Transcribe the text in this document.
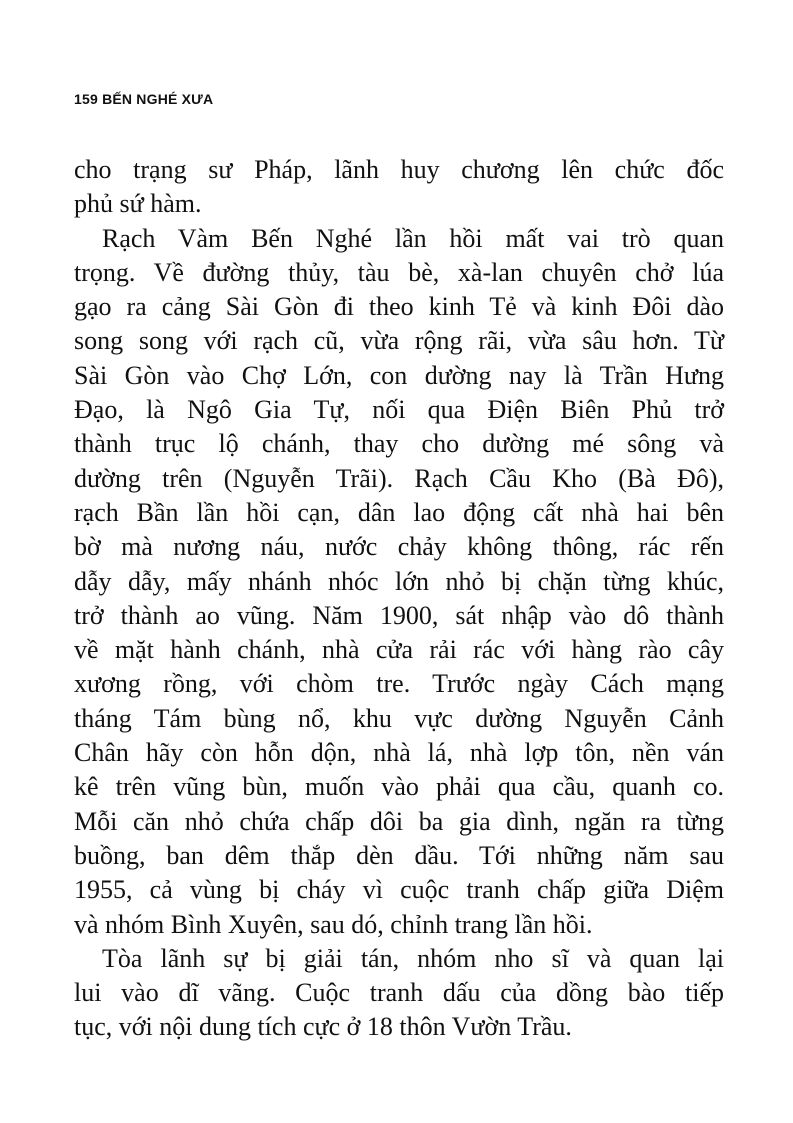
159 BẾN NGHÉ XƯA
cho trạng sư Pháp, lãnh huy chương lên chức đốc
phủ sứ hàm.
Rạch Vàm Bến Nghé lần hồi mất vai trò quan
trọng. Về đường thủy, tàu bè, xà-lan chuyên chở lúa
gạo ra cảng Sài Gòn đi theo kinh Tẻ và kinh Đôi dào
song song với rạch cũ, vừa rộng rãi, vừa sâu hơn. Từ
Sài Gòn vào Chợ Lớn, con dường nay là Trần Hưng
Đạo, là Ngô Gia Tự, nối qua Điện Biên Phủ trở
thành trục lộ chánh, thay cho dường mé sông và
dường trên (Nguyễn Trãi). Rạch Cầu Kho (Bà Đô),
rạch Bần lần hồi cạn, dân lao động cất nhà hai bên
bờ mà nương náu, nước chảy không thông, rác rến
dẫy dẫy, mấy nhánh nhóc lớn nhỏ bị chặn từng khúc,
trở thành ao vũng. Năm 1900, sát nhập vào dô thành
về mặt hành chánh, nhà cửa rải rác với hàng rào cây
xương rồng, với chòm tre. Trước ngày Cách mạng
tháng Tám bùng nổ, khu vực dường Nguyễn Cảnh
Chân hãy còn hỗn dộn, nhà lá, nhà lợp tôn, nền ván
kê trên vũng bùn, muốn vào phải qua cầu, quanh co.
Mỗi căn nhỏ chứa chấp dôi ba gia dình, ngăn ra từng
buồng, ban dêm thắp dèn dầu. Tới những năm sau
1955, cả vùng bị cháy vì cuộc tranh chấp giữa Diệm
và nhóm Bình Xuyên, sau dó, chỉnh trang lần hồi.
Tòa lãnh sự bị giải tán, nhóm nho sĩ và quan lại
lui vào dĩ vãng. Cuộc tranh dấu của dồng bào tiếp
tục, với nội dung tích cực ở 18 thôn Vườn Trầu.
